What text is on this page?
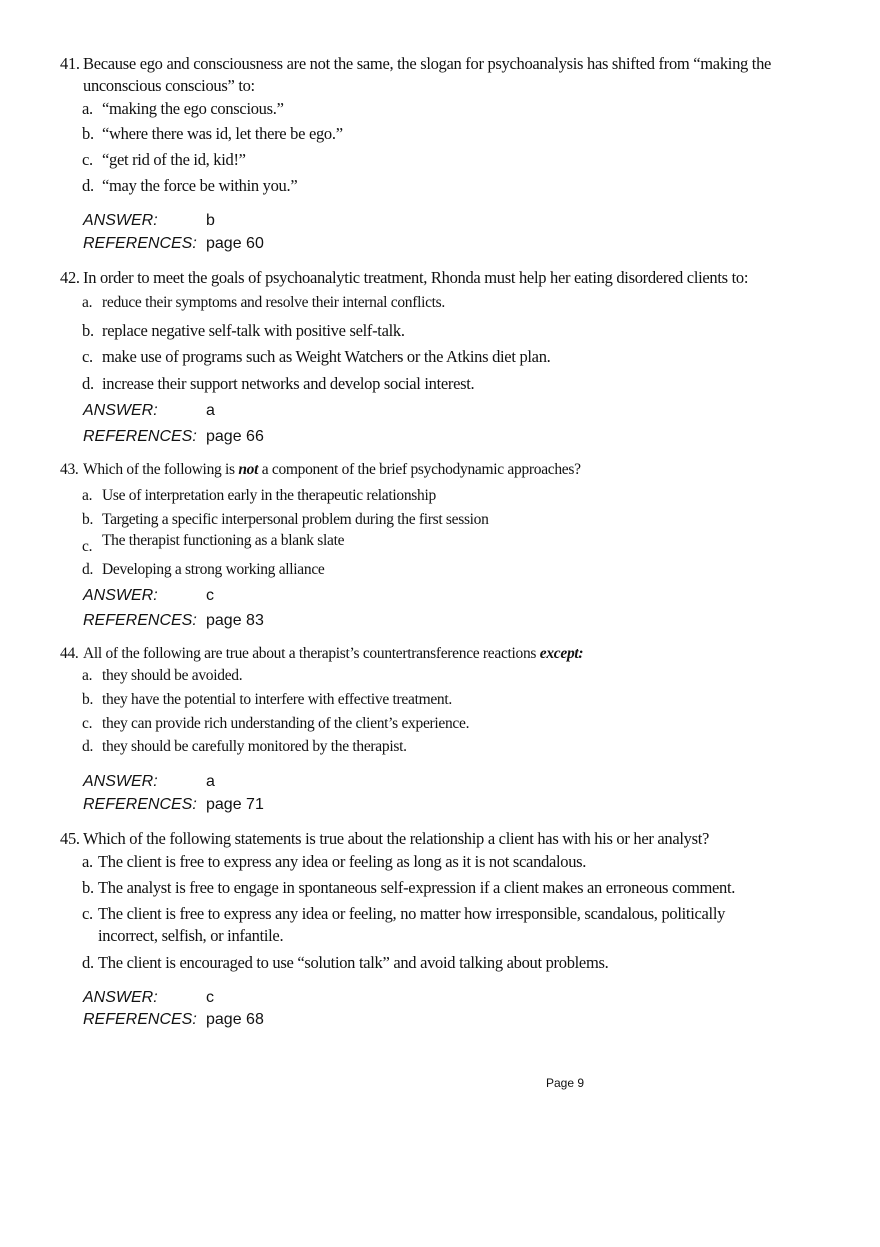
41. Because ego and consciousness are not the same, the slogan for psychoanalysis has shifted from “making the
unconscious conscious” to:
a. “making the ego conscious.”
b. “where there was id, let there be ego.”
c. “get rid of the id, kid!”
d. “may the force be within you.”
ANSWER:	b
REFERENCES: page 60
42. In order to meet the goals of psychoanalytic treatment, Rhonda must help her eating disordered clients to:
a. reduce their symptoms and resolve their internal conflicts.
b. replace negative self-talk with positive self-talk.
c. make use of programs such as Weight Watchers or the Atkins diet plan.
d. increase their support networks and develop social interest.
ANSWER:	a
REFERENCES: page 66
43. Which of the following is not a component of the brief psychodynamic approaches?
a. Use of interpretation early in the therapeutic relationship
b. Targeting a specific interpersonal problem during the first session
c. The therapist functioning as a blank slate
d. Developing a strong working alliance
ANSWER:	c
REFERENCES: page 83
44. All of the following are true about a therapist’s countertransference reactions except:
a. they should be avoided.
b. they have the potential to interfere with effective treatment.
c. they can provide rich understanding of the client’s experience.
d. they should be carefully monitored by the therapist.
ANSWER:	a
REFERENCES: page 71
45. Which of the following statements is true about the relationship a client has with his or her analyst?
a. The client is free to express any idea or feeling as long as it is not scandalous.
b. The analyst is free to engage in spontaneous self-expression if a client makes an erroneous comment.
c. The client is free to express any idea or feeling, no matter how irresponsible, scandalous, politically
incorrect, selfish, or infantile.
d. The client is encouraged to use “solution talk” and avoid talking about problems.
ANSWER:	c
REFERENCES: page 68
Page 9
